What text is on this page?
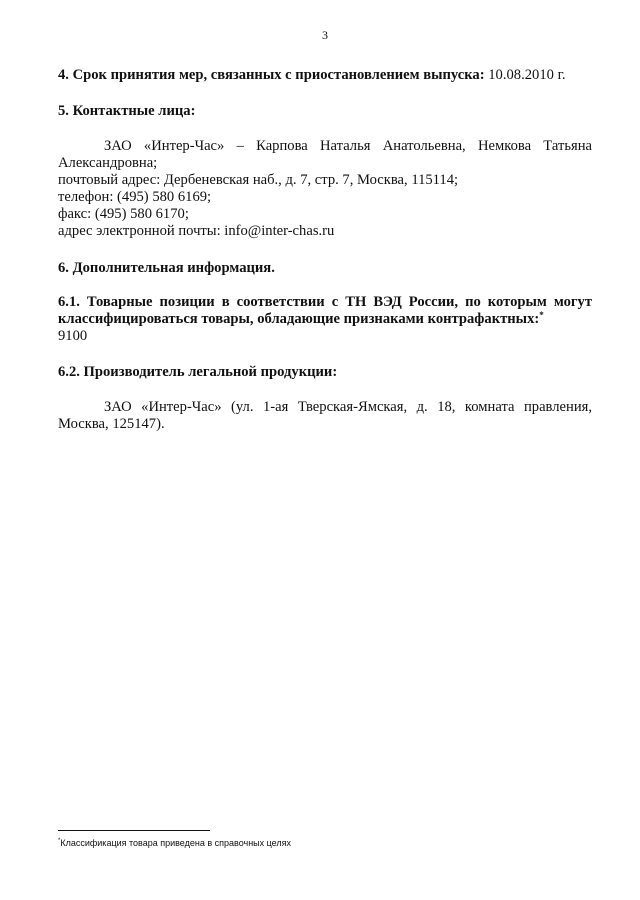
3
4. Срок принятия мер, связанных с приостановлением выпуска: 10.08.2010 г.
5. Контактные лица:
ЗАО «Интер-Час» – Карпова Наталья Анатольевна, Немкова Татьяна Александровна;
почтовый адрес: Дербеневская наб., д. 7, стр. 7, Москва, 115114;
телефон: (495) 580 6169;
факс: (495) 580 6170;
адрес электронной почты: info@inter-chas.ru
6. Дополнительная информация.
6.1. Товарные позиции в соответствии с ТН ВЭД России, по которым могут классифицироваться товары, обладающие признаками контрафактных:*
9100
6.2. Производитель легальной продукции:
ЗАО «Интер-Час» (ул. 1-ая Тверская-Ямская, д. 18, комната правления, Москва, 125147).
*Классификация товара приведена в справочных целях
